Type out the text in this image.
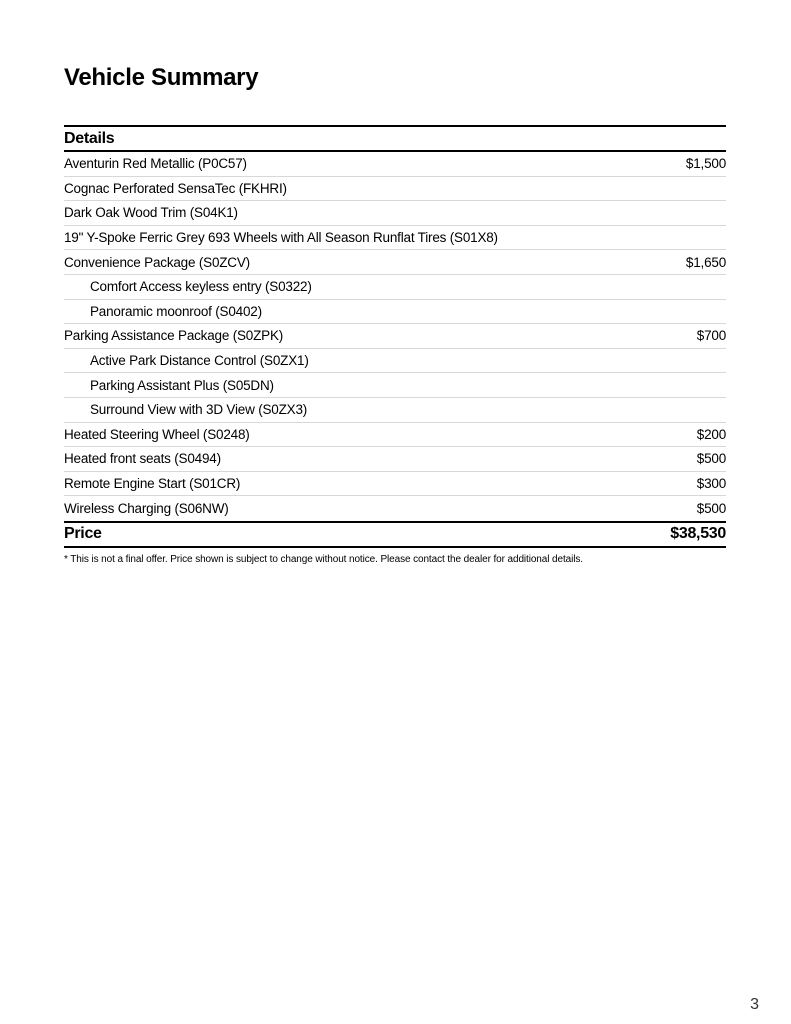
Vehicle Summary
Details
Aventurin Red Metallic (P0C57)	$1,500
Cognac Perforated SensaTec (FKHRI)
Dark Oak Wood Trim (S04K1)
19" Y-Spoke Ferric Grey 693 Wheels with All Season Runflat Tires (S01X8)
Convenience Package (S0ZCV)	$1,650
Comfort Access keyless entry (S0322)
Panoramic moonroof (S0402)
Parking Assistance Package (S0ZPK)	$700
Active Park Distance Control (S0ZX1)
Parking Assistant Plus (S05DN)
Surround View with 3D View (S0ZX3)
Heated Steering Wheel (S0248)	$200
Heated front seats (S0494)	$500
Remote Engine Start (S01CR)	$300
Wireless Charging (S06NW)	$500
Price	$38,530
* This is not a final offer. Price shown is subject to change without notice. Please contact the dealer for additional details.
3
